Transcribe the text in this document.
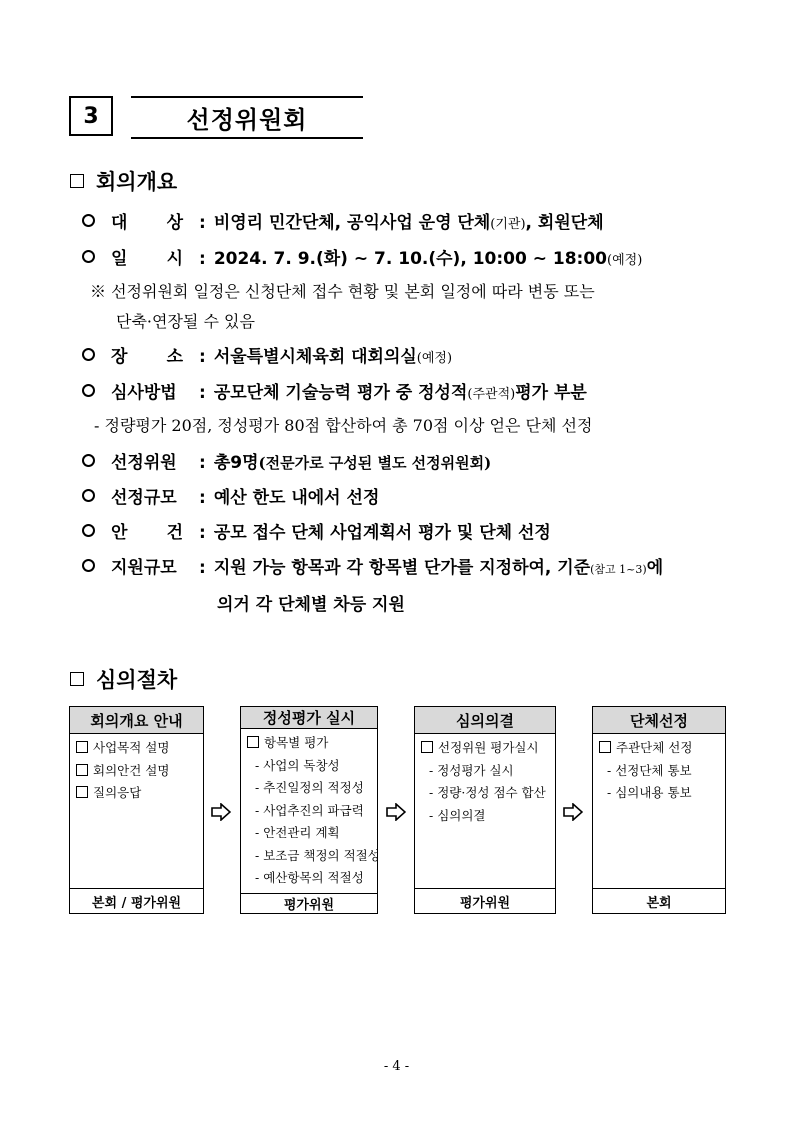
3	선정위원회
회의개요
대 상 : 비영리 민간단체, 공익사업 운영 단체 (기관) , 회원단체
일 시 : 2024. 7. 9.(화) ~ 7. 10.(수), 10:00 ~ 18:00 (예정)
※ 선정위원회 일정은 신청단체 접수 현황 및 본회 일정에 따라 변동 또는
단축·연장될 수 있음
장 소 : 서울특별시체육회 대회의실 (예정)
심사방법	: 공모단체 기술능력 평가 중 정성적 (주관적) 평가 부분
- 정량평가 20점, 정성평가 80점 합산하여 총 70점 이상 얻은 단체 선정
선정위원	: 총9명 (전문가로 구성된 별도 선정위원회)
선정규모	: 예산 한도 내에서 선정
안 건 : 공모 접수 단체 사업계획서 평가 및 단체 선정
지원규모	: 지원 가능 항목과 각 항목별 단가를 지정하여, 기준 (참고 1~3) 에
의거 각 단체별 차등 지원
심의절차
회의개요 안내
사업목적 설명
회의안건 설명
질의응답
본회 / 평가위원
정성평가 실시
항목별 평가
- 사업의 독창성
- 추진일정의 적정성
- 사업추진의 파급력
- 안전관리 계획
- 보조금 책정의 적절성
- 예산항목의 적절성
평가위원
심의의결
선정위원 평가실시
- 정성평가 실시
- 정량·정성 점수 합산
- 심의의결
평가위원
단체선정
주관단체 선정
- 선정단체 통보
- 심의내용 통보
본회
- 4 -
